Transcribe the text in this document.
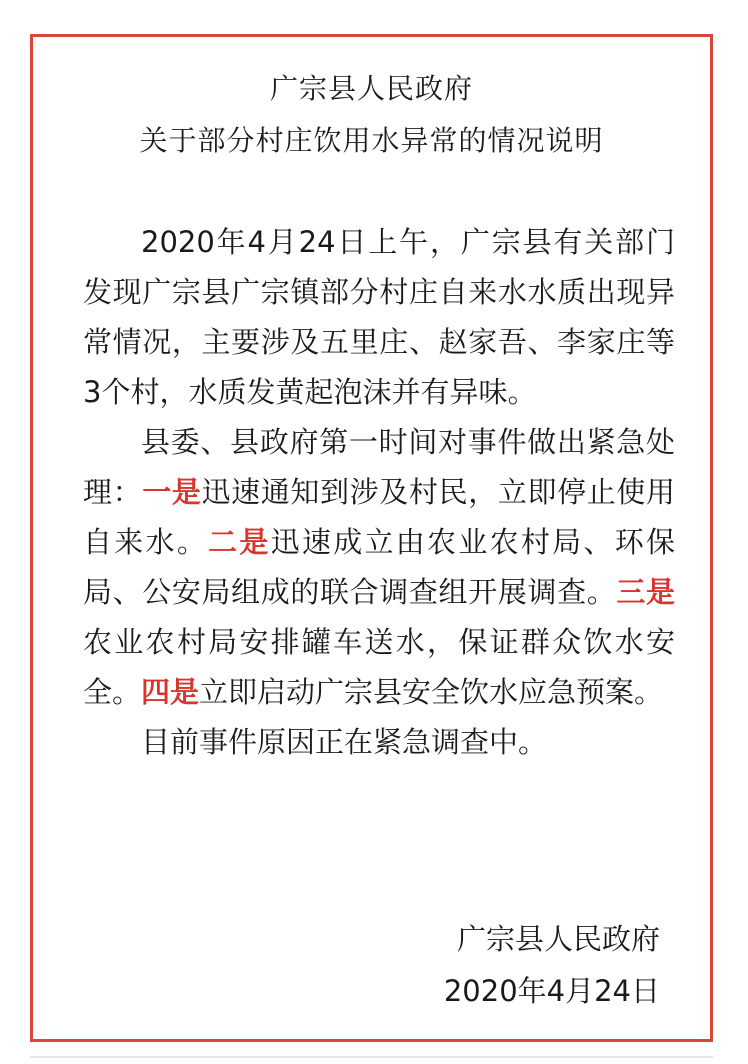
广宗县人民政府
关于部分村庄饮用水异常的情况说明

2020年4月24日上午，广宗县有关部门发现广宗县广宗镇部分村庄自来水水质出现异常情况，主要涉及五里庄、赵家吾、李家庄等3个村，水质发黄起泡沫并有异味。

县委、县政府第一时间对事件做出紧急处理：一是迅速通知到涉及村民，立即停止使用自来水。二是迅速成立由农业农村局、环保局、公安局组成的联合调查组开展调查。三是农业农村局安排罐车送水，保证群众饮水安全。四是立即启动广宗县安全饮水应急预案。

目前事件原因正在紧急调查中。

广宗县人民政府
2020年4月24日
